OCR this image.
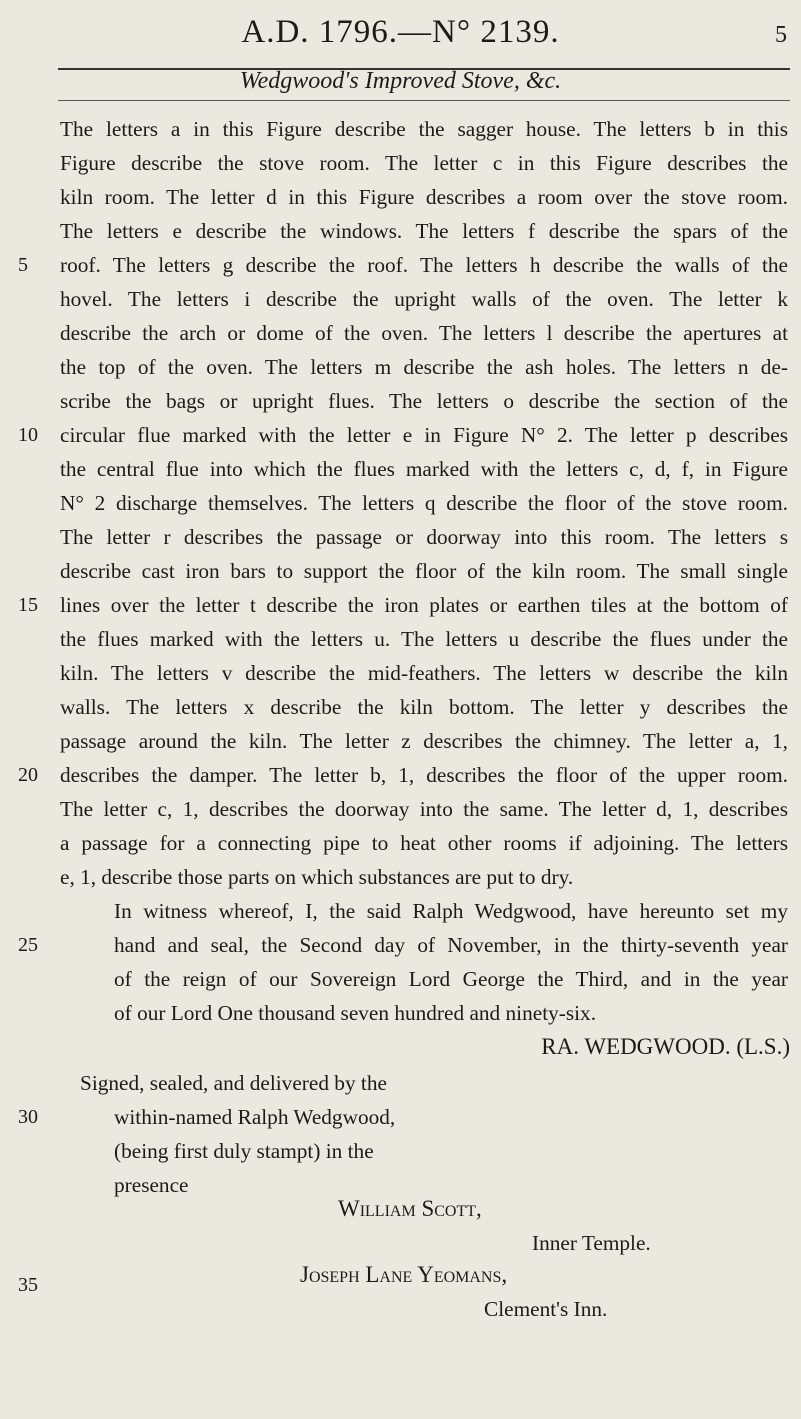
A.D. 1796.—N° 2139.	5
Wedgwood's Improved Stove, &c.
The letters a in this Figure describe the sagger house. The letters b in this
Figure describe the stove room. The letter c in this Figure describes the
kiln room. The letter d in this Figure describes a room over the stove room.
The letters e describe the windows. The letters f describe the spars of the
5	roof. The letters g describe the roof. The letters h describe the walls of the
hovel. The letters i describe the upright walls of the oven. The letter k
describe the arch or dome of the oven. The letters l describe the apertures at
the top of the oven. The letters m describe the ash holes. The letters n de-
scribe the bags or upright flues. The letters o describe the section of the
10	circular flue marked with the letter e in Figure N° 2. The letter p describes
the central flue into which the flues marked with the letters c, d, f, in Figure
N° 2 discharge themselves. The letters q describe the floor of the stove room.
The letter r describes the passage or doorway into this room. The letters s
describe cast iron bars to support the floor of the kiln room. The small single
15	lines over the letter t describe the iron plates or earthen tiles at the bottom of
the flues marked with the letters u. The letters u describe the flues under the
kiln. The letters v describe the mid-feathers. The letters w describe the kiln
walls. The letters x describe the kiln bottom. The letter y describes the
passage around the kiln. The letter z describes the chimney. The letter a, 1,
20	describes the damper. The letter b, 1, describes the floor of the upper room.
The letter c, 1, describes the doorway into the same. The letter d, 1, describes
a passage for a connecting pipe to heat other rooms if adjoining. The letters
e, 1, describe those parts on which substances are put to dry.
In witness whereof, I, the said Ralph Wedgwood, have hereunto set my
25	hand and seal, the Second day of November, in the thirty-seventh year
of the reign of our Sovereign Lord George the Third, and in the year
of our Lord One thousand seven hundred and ninety-six.
RA. WEDGWOOD. (L.S.)
Signed, sealed, and delivered by the
30	within-named Ralph Wedgwood,
(being first duly stampt) in the
presence
William Scott,
Inner Temple.
35	Joseph Lane Yeomans,
Clement's Inn.
